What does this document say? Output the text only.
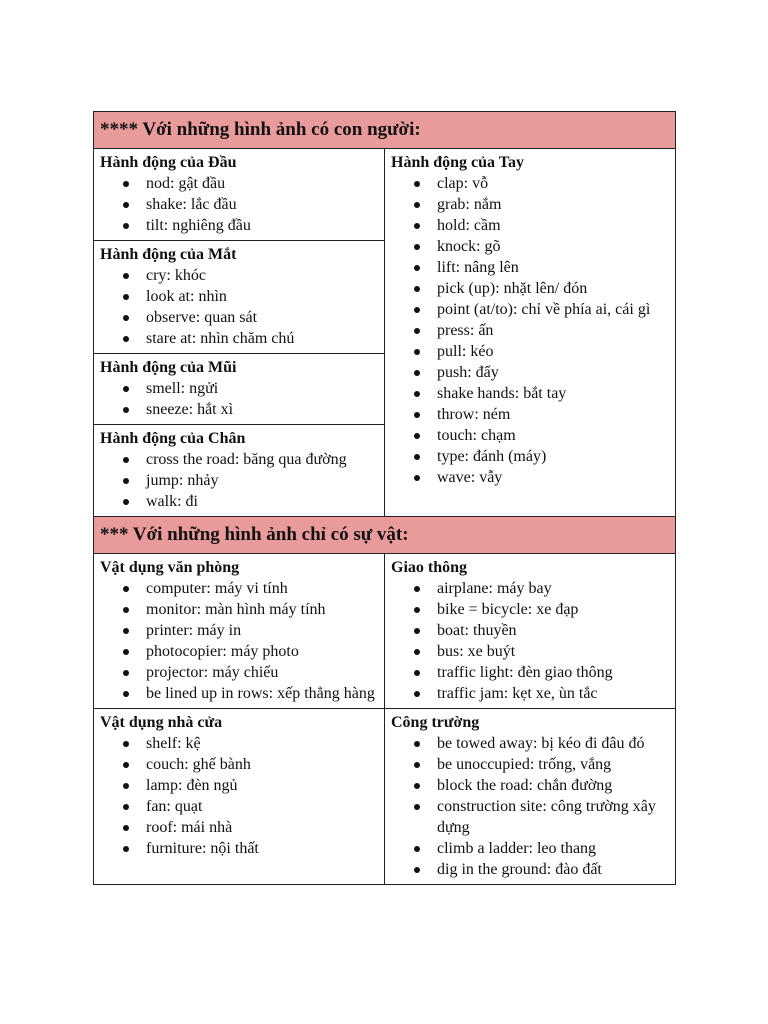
**** Với những hình ảnh có con người:
Hành động của Đầu
nod: gật đầu
shake: lắc đầu
tilt: nghiêng đầu
Hành động của Mắt
cry: khóc
look at: nhìn
observe: quan sát
stare at: nhìn chăm chú
Hành động của Mũi
smell: ngửi
sneeze: hắt xì
Hành động của Chân
cross the road: băng qua đường
jump: nhảy
walk: đi
Hành động của Tay
clap: vỗ
grab: nắm
hold: cầm
knock: gõ
lift: nâng lên
pick (up): nhặt lên/ đón
point (at/to): chỉ về phía ai, cái gì
press: ấn
pull: kéo
push: đẩy
shake hands: bắt tay
throw: ném
touch: chạm
type: đánh (máy)
wave: vẫy
*** Với những hình ảnh chỉ có sự vật:
Vật dụng văn phòng
computer: máy vi tính
monitor: màn hình máy tính
printer: máy in
photocopier: máy photo
projector: máy chiếu
be lined up in rows: xếp thẳng hàng
Giao thông
airplane: máy bay
bike = bicycle: xe đạp
boat: thuyền
bus: xe buýt
traffic light: đèn giao thông
traffic jam: kẹt xe, ùn tắc
Vật dụng nhà cửa
shelf: kệ
couch: ghế bành
lamp: đèn ngủ
fan: quạt
roof: mái nhà
furniture: nội thất
Công trường
be towed away: bị kéo đi đâu đó
be unoccupied: trống, vắng
block the road: chắn đường
construction site: công trường xây dựng
climb a ladder: leo thang
dig in the ground: đào đất
